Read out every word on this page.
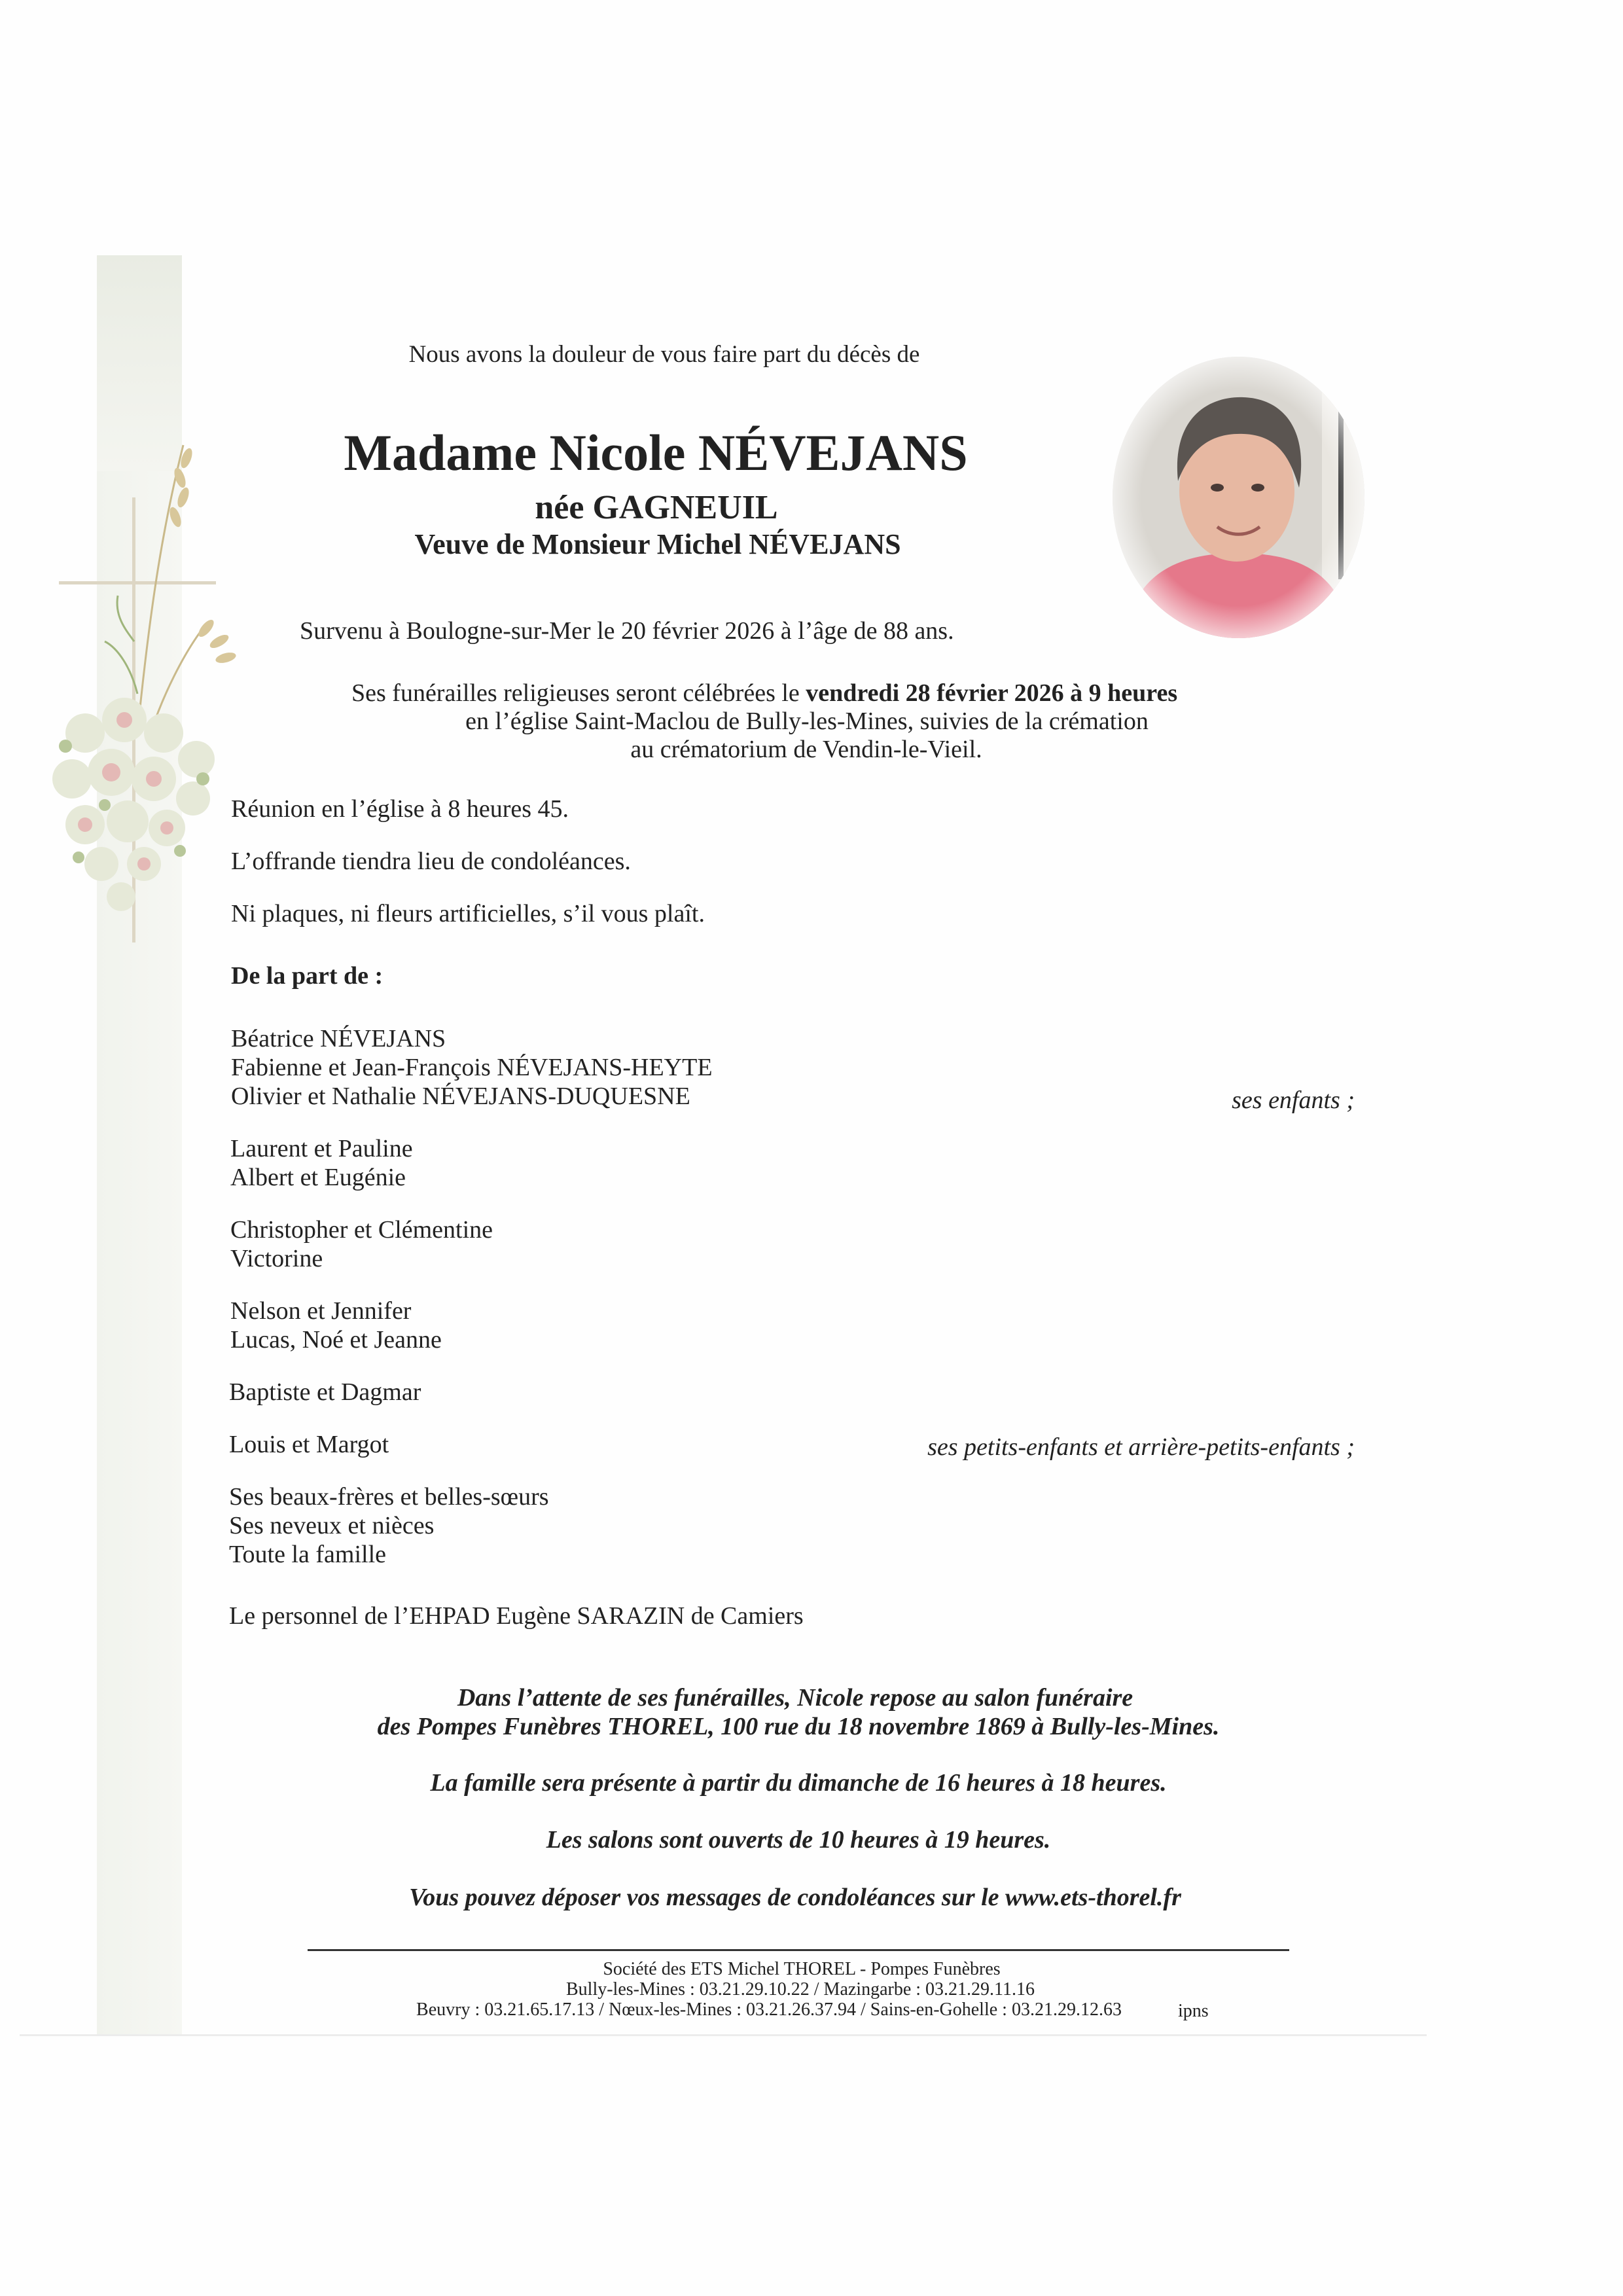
Nous avons la douleur de vous faire part du décès de
Madame Nicole NÉVEJANS
née GAGNEUIL
Veuve de Monsieur Michel NÉVEJANS
Survenu à Boulogne-sur-Mer le 20 février 2026 à l’âge de 88 ans.
Ses funérailles religieuses seront célébrées le vendredi 28 février 2026 à 9 heures
en l’église Saint-Maclou de Bully-les-Mines, suivies de la crémation
au crématorium de Vendin-le-Vieil.
Réunion en l’église à 8 heures 45.
L’offrande tiendra lieu de condoléances.
Ni plaques, ni fleurs artificielles, s’il vous plaît.
De la part de :
Béatrice NÉVEJANS
Fabienne et Jean-François NÉVEJANS-HEYTE
Olivier et Nathalie NÉVEJANS-DUQUESNE	ses enfants ;
Laurent et Pauline
Albert et Eugénie
Christopher et Clémentine
Victorine
Nelson et Jennifer
Lucas, Noé et Jeanne
Baptiste et Dagmar
Louis et Margot	ses petits-enfants et arrière-petits-enfants ;
Ses beaux-frères et belles-sœurs
Ses neveux et nièces
Toute la famille
Le personnel de l’EHPAD Eugène SARAZIN de Camiers
Dans l’attente de ses funérailles, Nicole repose au salon funéraire
des Pompes Funèbres THOREL, 100 rue du 18 novembre 1869 à Bully-les-Mines.
La famille sera présente à partir du dimanche de 16 heures à 18 heures.
Les salons sont ouverts de 10 heures à 19 heures.
Vous pouvez déposer vos messages de condoléances sur le www.ets-thorel.fr
Société des ETS Michel THOREL - Pompes Funèbres
Bully-les-Mines : 03.21.29.10.22 / Mazingarbe : 03.21.29.11.16
Beuvry : 03.21.65.17.13 / Nœux-les-Mines : 03.21.26.37.94 / Sains-en-Gohelle : 03.21.29.12.63	ipns
